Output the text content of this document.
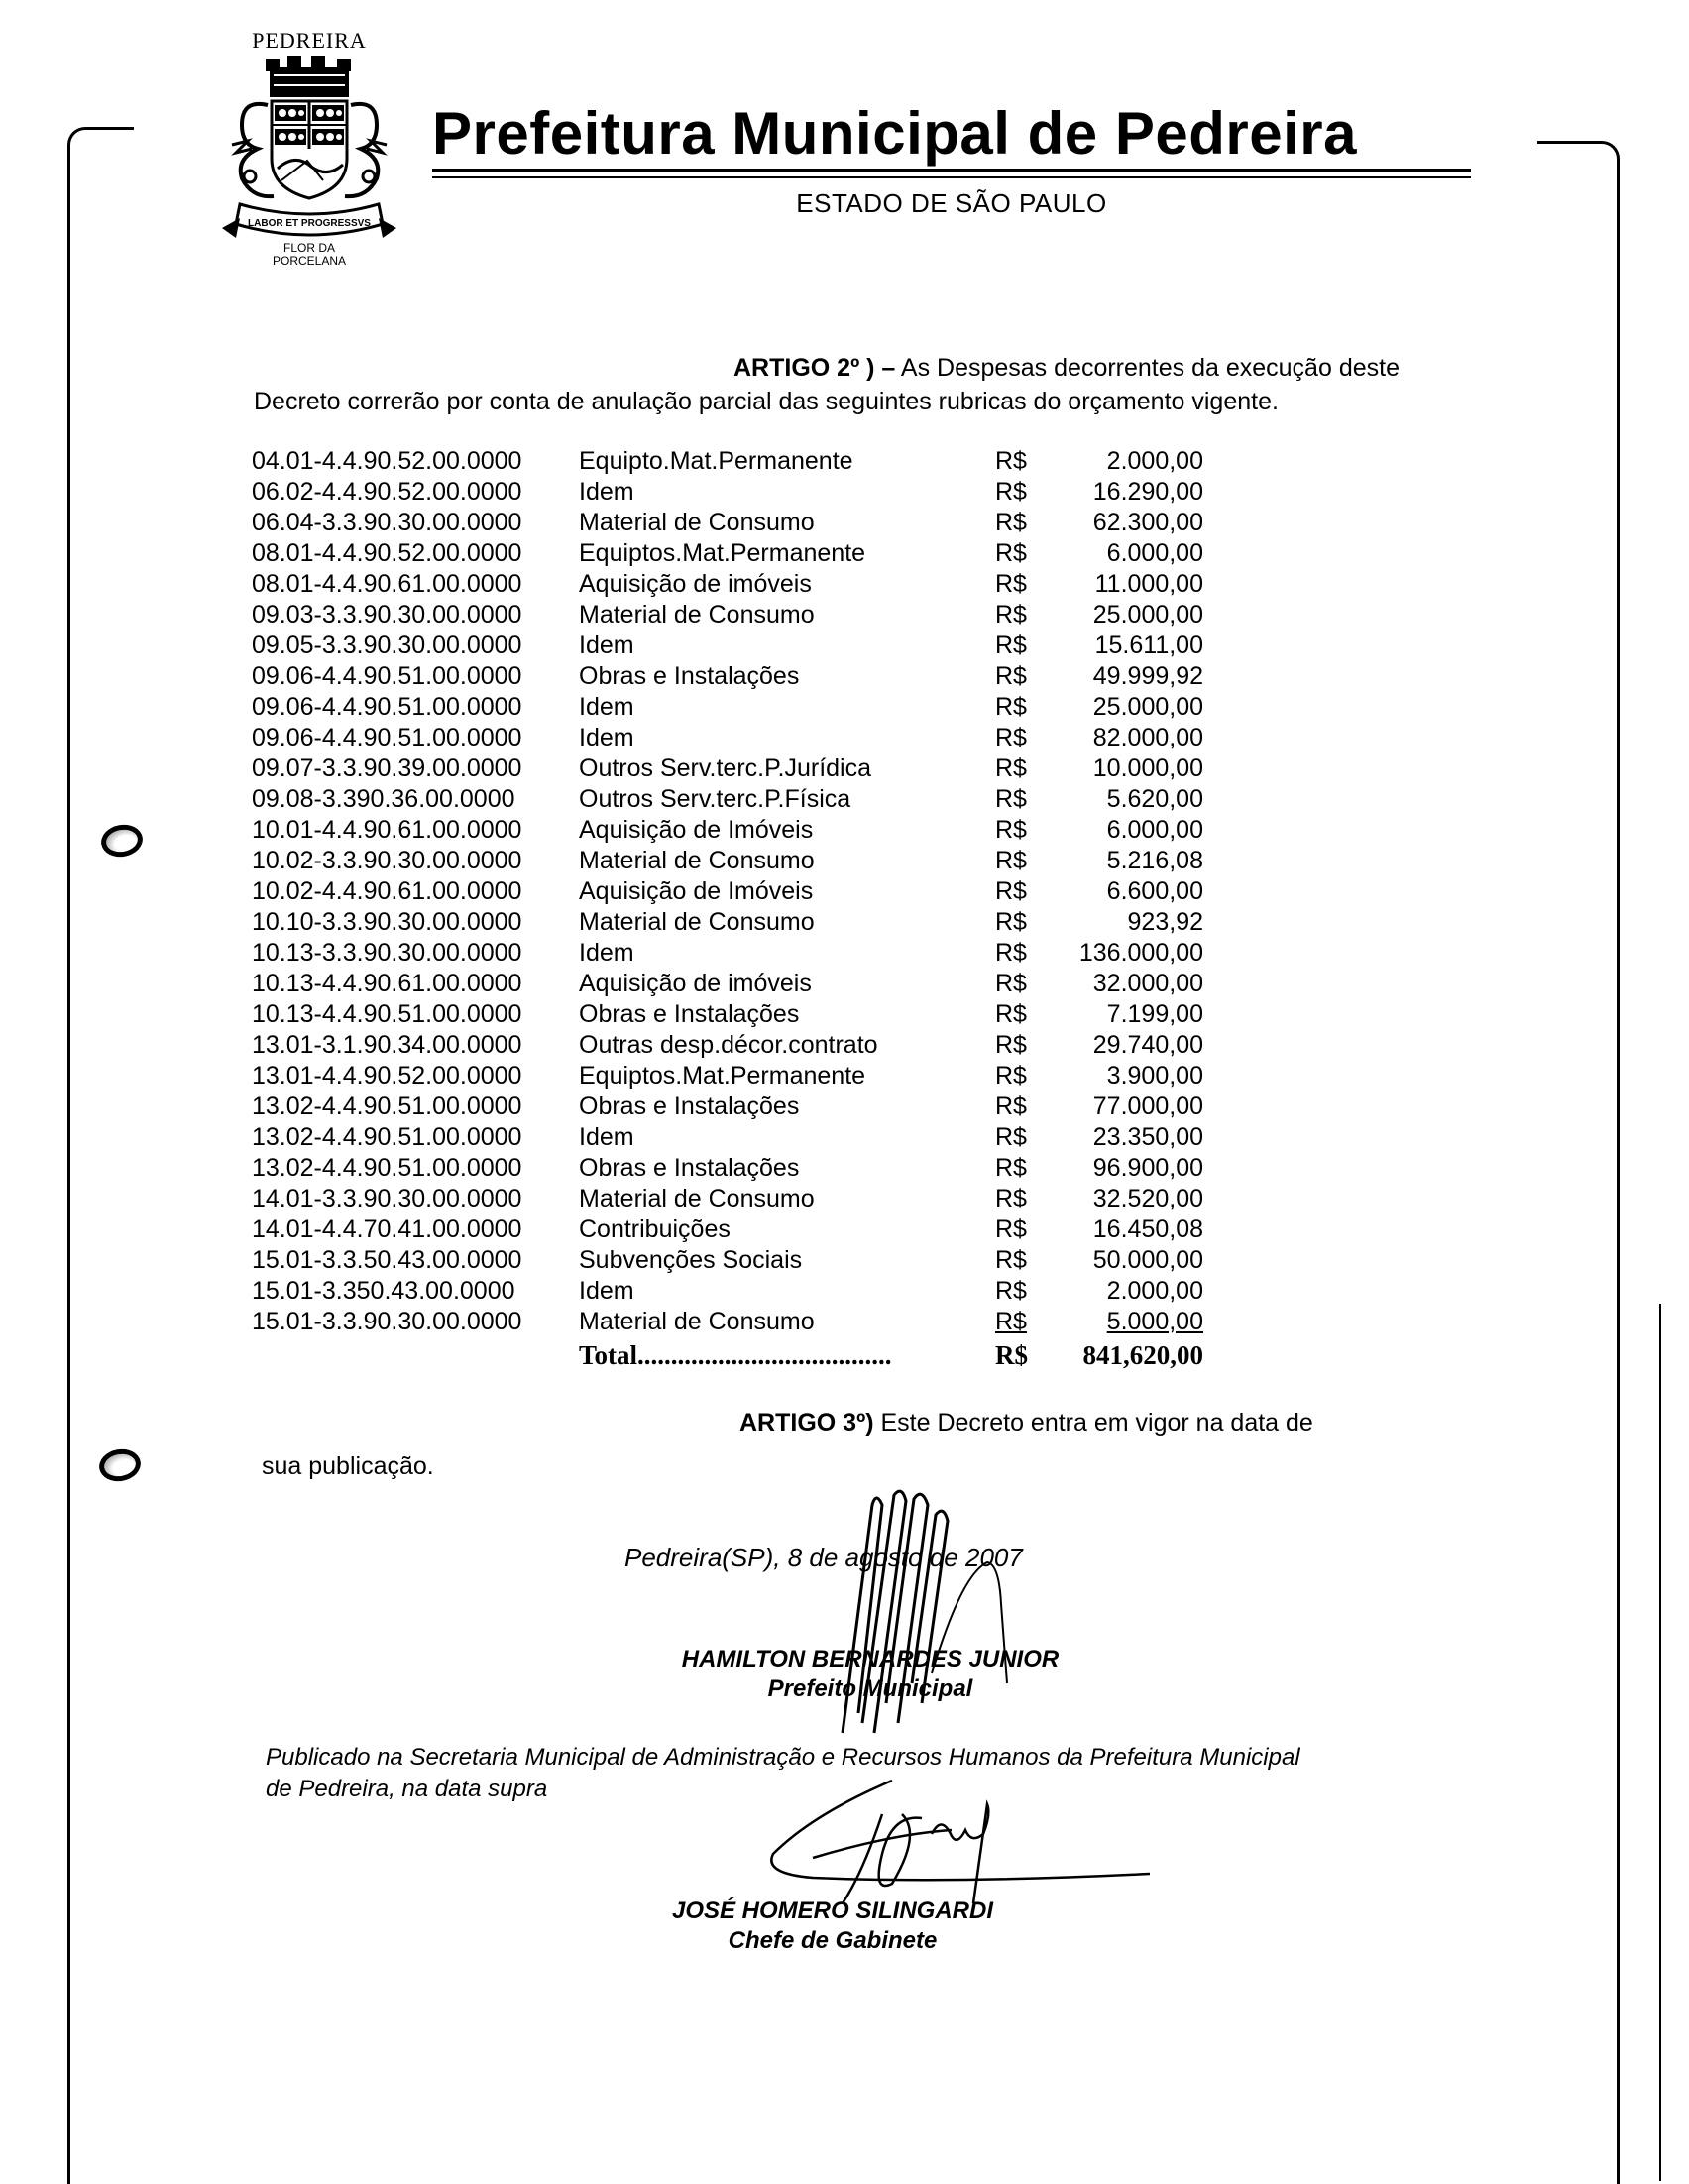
PEDREIRA
LABOR ET PROGRESSVS
FLOR DA
PORCELANA
Prefeitura Municipal de Pedreira
ESTADO DE SÃO PAULO
ARTIGO 2º ) – As Despesas decorrentes da execução deste
Decreto correrão por conta de anulação parcial das seguintes rubricas do orçamento vigente.
04.01-4.4.90.52.00.0000	Equipto.Mat.Permanente	R$	2.000,00
06.02-4.4.90.52.00.0000	Idem	R$	16.290,00
06.04-3.3.90.30.00.0000	Material de Consumo	R$	62.300,00
08.01-4.4.90.52.00.0000	Equiptos.Mat.Permanente	R$	6.000,00
08.01-4.4.90.61.00.0000	Aquisição de imóveis	R$	11.000,00
09.03-3.3.90.30.00.0000	Material de Consumo	R$	25.000,00
09.05-3.3.90.30.00.0000	Idem	R$	15.611,00
09.06-4.4.90.51.00.0000	Obras e Instalações	R$	49.999,92
09.06-4.4.90.51.00.0000	Idem	R$	25.000,00
09.06-4.4.90.51.00.0000	Idem	R$	82.000,00
09.07-3.3.90.39.00.0000	Outros Serv.terc.P.Jurídica	R$	10.000,00
09.08-3.390.36.00.0000	Outros Serv.terc.P.Física	R$	5.620,00
10.01-4.4.90.61.00.0000	Aquisição de Imóveis	R$	6.000,00
10.02-3.3.90.30.00.0000	Material de Consumo	R$	5.216,08
10.02-4.4.90.61.00.0000	Aquisição de Imóveis	R$	6.600,00
10.10-3.3.90.30.00.0000	Material de Consumo	R$	923,92
10.13-3.3.90.30.00.0000	Idem	R$	136.000,00
10.13-4.4.90.61.00.0000	Aquisição de imóveis	R$	32.000,00
10.13-4.4.90.51.00.0000	Obras e Instalações	R$	7.199,00
13.01-3.1.90.34.00.0000	Outras desp.décor.contrato	R$	29.740,00
13.01-4.4.90.52.00.0000	Equiptos.Mat.Permanente	R$	3.900,00
13.02-4.4.90.51.00.0000	Obras e Instalações	R$	77.000,00
13.02-4.4.90.51.00.0000	Idem	R$	23.350,00
13.02-4.4.90.51.00.0000	Obras e Instalações	R$	96.900,00
14.01-3.3.90.30.00.0000	Material de Consumo	R$	32.520,00
14.01-4.4.70.41.00.0000	Contribuições	R$	16.450,08
15.01-3.3.50.43.00.0000	Subvenções Sociais	R$	50.000,00
15.01-3.350.43.00.0000	Idem	R$	2.000,00
15.01-3.3.90.30.00.0000	Material de Consumo	R$	5.000,00
	Total......................................	R$	841,620,00
ARTIGO 3º) Este Decreto entra em vigor na data de
sua publicação.
Pedreira(SP), 8 de agosto de 2007
HAMILTON BERNARDES JUNIOR
Prefeito Municipal
Publicado na Secretaria Municipal de Administração e Recursos Humanos da Prefeitura Municipal
de Pedreira, na data supra
JOSÉ HOMERO SILINGARDI
Chefe de Gabinete
